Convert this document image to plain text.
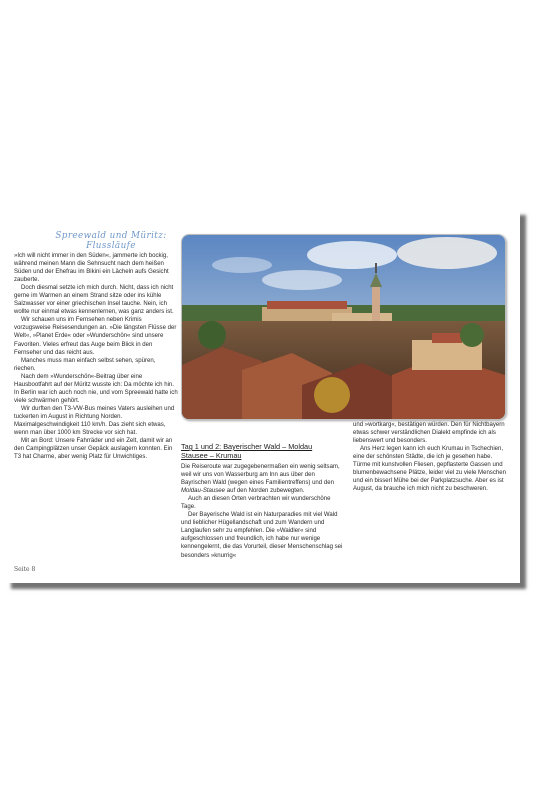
Spreewald und Müritz:
Flussläufe

»Ich will nicht immer in den Süden«, jammerte ich bockig, während meinen Mann die Sehnsucht nach dem heißen Süden und der Ehefrau im Bikini ein Lächeln aufs Gesicht zauberte.

Doch diesmal setzte ich mich durch. Nicht, dass ich nicht gerne im Warmen an einem Strand sitze oder ins kühle Salzwasser vor einer griechischen Insel tauche. Nein, ich wollte nur einmal etwas kennenlernen, was ganz anders ist.

Wir schauen uns im Fernsehen neben Krimis vorzugsweise Reisesendungen an. »Die längsten Flüsse der Welt«, »Planet Erde« oder »Wunderschön« sind unsere Favoriten. Vieles erfreut das Auge beim Blick in den Fernseher und das reicht aus.

Manches muss man einfach selbst sehen, spüren, riechen.

Nach dem »Wunderschön«-Beitrag über eine Hausbootfahrt auf der Müritz wusste ich: Da möchte ich hin. In Berlin war ich auch noch nie, und vom Spreewald hatte ich viele schwärmen gehört.

Wir durften den T3-VW-Bus meines Vaters ausleihen und tuckerten im August in Richtung Norden. Maximalgeschwindigkeit 110 km/h. Das zieht sich etwas, wenn man über 1000 km Strecke vor sich hat.

Mit an Bord: Unsere Fahrräder und ein Zelt, damit wir an den Campingplätzen unser Gepäck auslagern konnten. Ein T3 hat Charme, aber wenig Platz für Unwichtiges.

Tag 1 und 2: Bayerischer Wald – Moldau
Stausee – Krumau

Die Reiseroute war zugegebenermaßen ein wenig seltsam, weil wir uns von Wasserburg am Inn aus über den Bayrischen Wald (wegen eines Familientreffens) und den Moldau-Stausee auf den Norden zubewegten.

Auch an diesen Orten verbrachten wir wunderschöne Tage.

Der Bayerische Wald ist ein Naturparadies mit viel Wald und lieblicher Hügellandschaft und zum Wandern und Langlaufen sehr zu empfehlen. Die »Waidler« sind aufgeschlossen und freundlich, ich habe nur wenige kennengelernt, die das Vorurteil, dieser Menschenschlag sei besonders »knurrig«

und »wortkarg«, bestätigen würden. Den für Nichtbayern etwas schwer verständlichen Dialekt empfinde ich als liebenswert und besonders.

Ans Herz legen kann ich euch Krumau in Tschechien, eine der schönsten Städte, die ich je gesehen habe. Türme mit kunstvollen Fliesen, gepflasterte Gassen und blumenbewachsene Plätze, leider viel zu viele Menschen und ein bisserl Mühe bei der Parkplatzsuche. Aber es ist August, da brauche ich mich nicht zu beschweren.

Seite 8
